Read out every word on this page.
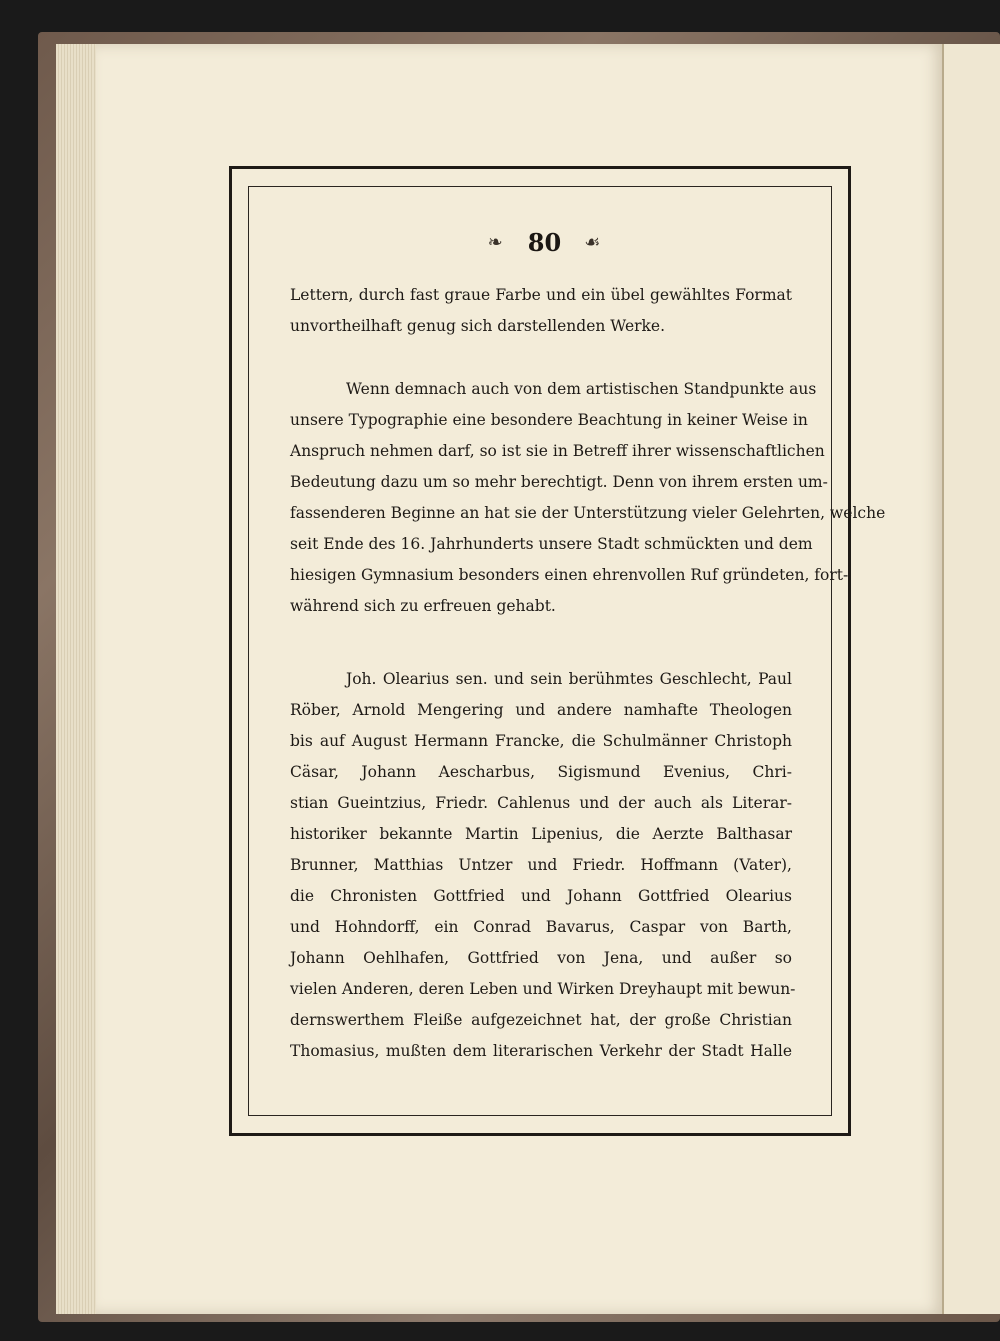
❧ 80 ☙
Lettern, durch fast graue Farbe und ein übel gewähltes Format
unvortheilhaft genug sich darstellenden Werke.
Wenn demnach auch von dem artistischen Standpunkte aus
unsere Typographie eine besondere Beachtung in keiner Weise in
Anspruch nehmen darf, so ist sie in Betreff ihrer wissenschaftlichen
Bedeutung dazu um so mehr berechtigt. Denn von ihrem ersten um-
fassenderen Beginne an hat sie der Unterstützung vieler Gelehrten, welche
seit Ende des 16. Jahrhunderts unsere Stadt schmückten und dem
hiesigen Gymnasium besonders einen ehrenvollen Ruf gründeten, fort-
während sich zu erfreuen gehabt.
Joh. Olearius sen. und sein berühmtes Geschlecht, Paul
Röber, Arnold Mengering und andere namhafte Theologen
bis auf August Hermann Francke, die Schulmänner Christoph
Cäsar, Johann Aescharbus, Sigismund Evenius, Chri-
stian Gueintzius, Friedr. Cahlenus und der auch als Literar-
historiker bekannte Martin Lipenius, die Aerzte Balthasar
Brunner, Matthias Untzer und Friedr. Hoffmann (Vater),
die Chronisten Gottfried und Johann Gottfried Olearius
und Hohndorff, ein Conrad Bavarus, Caspar von Barth,
Johann Oehlhafen, Gottfried von Jena, und außer so
vielen Anderen, deren Leben und Wirken Dreyhaupt mit bewun-
dernswerthem Fleiße aufgezeichnet hat, der große Christian
Thomasius, mußten dem literarischen Verkehr der Stadt Halle
